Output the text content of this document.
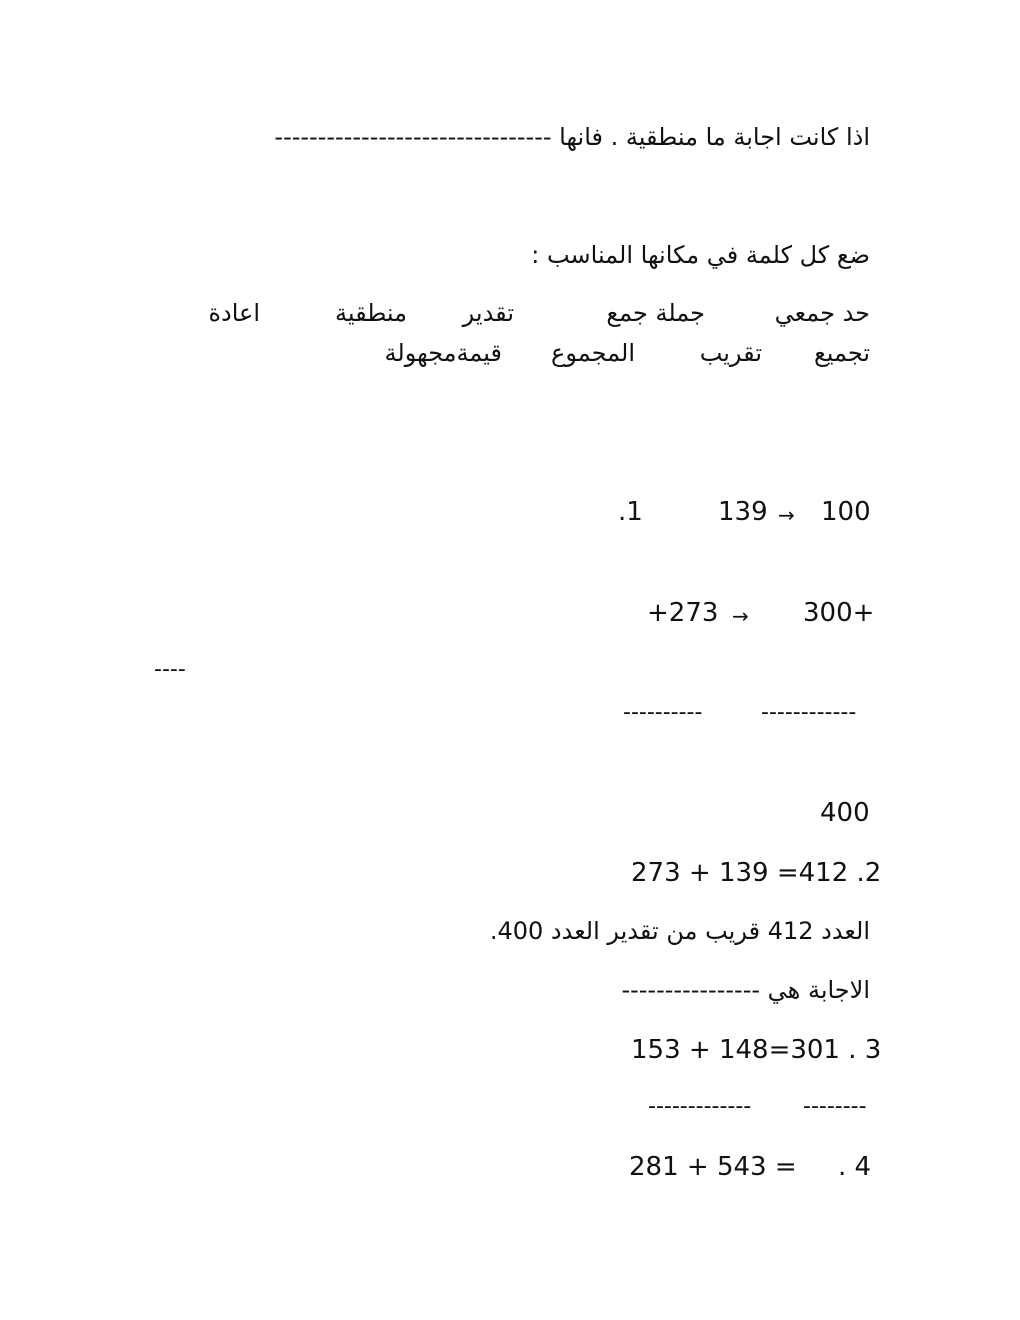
اذا كانت اجابة ما منطقية . فانها --------------------------------
ضع كل كلمة في مكانها المناسب :
حد جمعي
جملة جمع
تقدير
منطقية
اعادة
تجميع
تقريب
المجموع
قيمةمجهولة
.1	139 → 100
+273 → 300+
----
----------	------------
400
273 + 139 =412 .2
العدد 412 قريب من تقدير العدد 400.
الاجابة هي ----------------
153 + 148=301 . 3
------------- --------
281 + 543 = . 4
